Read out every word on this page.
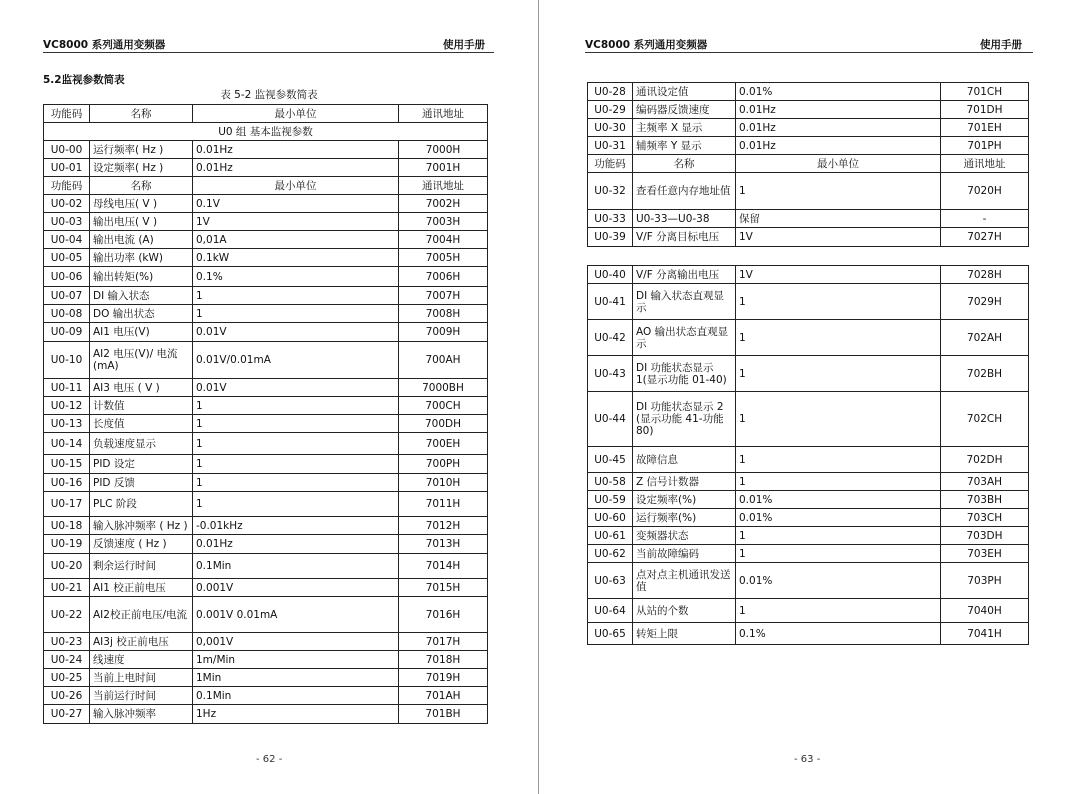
VC8000 系列通用变频器	使用手册
5.2监视参数简表
表 5-2 监视参数简表
功能码	名称	最小单位	通讯地址
U0 组 基本监视参数			
U0-00	运行频率( Hz )	0.01Hz	7000H
U0-01	设定频率( Hz )	0.01Hz	7001H
功能码	名称	最小单位	通讯地址
U0-02	母线电压( V )	0.1V	7002H
U0-03	输出电压( V )	1V	7003H
U0-04	输出电流 (A)	0,01A	7004H
U0-05	输出功率 (kW)	0.1kW	7005H
U0-06	输出转矩(%)	0.1%	7006H
U0-07	DI 输入状态	1	7007H
U0-08	DO 输出状态	1	7008H
U0-09	AI1 电压(V)	0.01V	7009H
U0-10	AI2 电压(V)/ 电流 (mA)	0.01V/0.01mA	700AH
U0-11	AI3 电压 ( V )	0.01V	7000BH
U0-12	计数值	1	700CH
U0-13	长度值	1	700DH
U0-14	负载速度显示	1	700EH
U0-15	PID 设定	1	700PH
U0-16	PID 反馈	1	7010H
U0-17	PLC 阶段	1	7011H
U0-18	输入脉冲频率 ( Hz )	-0.01kHz	7012H
U0-19	反馈速度 ( Hz )	0.01Hz	7013H
U0-20	剩余运行时间	0.1Min	7014H
U0-21	AI1 校正前电压	0.001V	7015H
U0-22	AI2校正前电压/电流	0.001V 0.01mA	7016H
U0-23	AI3j 校正前电压	0,001V	7017H
U0-24	线速度	1m/Min	7018H
U0-25	当前上电时间	1Min	7019H
U0-26	当前运行时间	0.1Min	701AH
U0-27	输入脉冲频率	1Hz	701BH
- 62 -
VC8000 系列通用变频器	使用手册
U0-28	通讯设定值	0.01%	701CH
U0-29	编码器反馈速度	0.01Hz	701DH
U0-30	主频率 X 显示	0.01Hz	701EH
U0-31	辅频率 Y 显示	0.01Hz	701PH
功能码	名称	最小单位	通讯地址
U0-32	查看任意内存地址值	1	7020H
U0-33	U0-33—U0-38	保留	-
U0-39	V/F 分离目标电压	1V	7027H
U0-40	V/F 分离输出电压	1V	7028H
U0-41	DI 输入状态直观显示	1	7029H
U0-42	AO 输出状态直观显示	1	702AH
U0-43	DI 功能状态显示 1(显示功能 01-40)	1	702BH
U0-44	DI 功能状态显示 2 (显示功能 41-功能 80)	1	702CH
U0-45	故障信息	1	702DH
U0-58	Z 信号计数器	1	703AH
U0-59	设定频率(%)	0.01%	703BH
U0-60	运行频率(%)	0.01%	703CH
U0-61	变频器状态	1	703DH
U0-62	当前故障编码	1	703EH
U0-63	点对点主机通讯发送值	0.01%	703PH
U0-64	从站的个数	1	7040H
U0-65	转矩上限	0.1%	7041H
- 63 -
